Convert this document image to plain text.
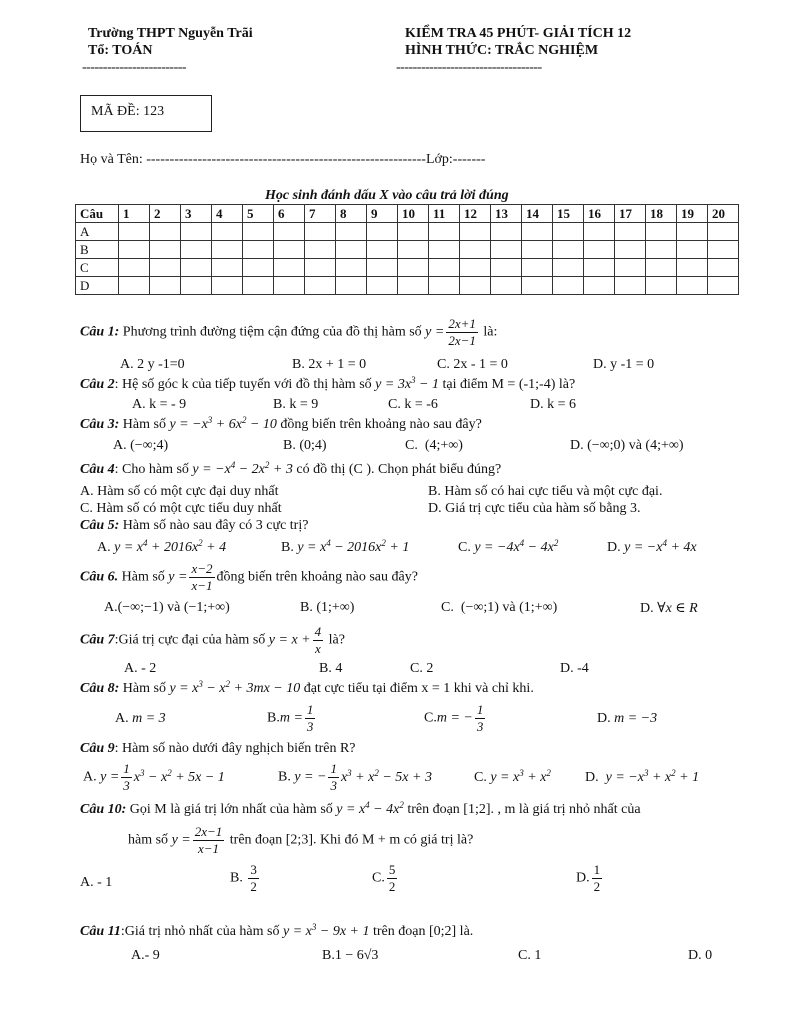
Trường THPT Nguyễn Trãi
Tổ: TOÁN
-------------------------
KIỂM TRA 45 PHÚT- GIẢI TÍCH 12
HÌNH THỨC: TRẮC NGHIỆM
-----------------------------------
MÃ ĐỀ: 123
Họ và Tên: ------------------------------------------------------------Lớp:-------
Học sinh đánh dấu X vào câu trả lời đúng
Câu	1	2	3	4	5	6	7	8	9	10	11	12	13	14	15	16	17	18	19	20
A																				
B																				
C																				
D																				
Câu 1: Phương trình đường tiệm cận đứng của đồ thị hàm số $y = \frac{2x+1}{2x-1}$ là:
A. 2 y -1=0	B. 2x + 1 = 0	C. 2x - 1 = 0	D. y -1 = 0
Câu 2: Hệ số góc k của tiếp tuyến với đồ thị hàm số $y = 3x^3 - 1$ tại điểm M = (-1;-4) là?
A. k = - 9	B. k = 9	C. k = -6	D. k = 6
Câu 3: Hàm số $y = -x^3 + 6x^2 - 10$ đồng biến trên khoảng nào sau đây?
A. (−∞;4)	B. (0;4)	C.  (4;+∞)	D. (−∞;0) và (4;+∞)
Câu 4: Cho hàm số $y = -x^4 - 2x^2 + 3$ có đồ thị (C ). Chọn phát biểu đúng?
A. Hàm số có một cực đại duy nhất	B. Hàm số có hai cực tiểu và một cực đại.
C. Hàm số có một cực tiểu duy nhất	D. Giá trị cực tiểu của hàm số bằng 3.
Câu 5: Hàm số nào sau đây có 3 cực trị?
A. $y = x^4 + 2016x^2 + 4$	B. $y = x^4 - 2016x^2 + 1$	C. $y = -4x^4 - 4x^2$	D. $y = -x^4 + 4x$
Câu 6. Hàm số $y = \frac{x-2}{x-1}$ đồng biến trên khoảng nào sau đây?
A.(−∞;−1) và (−1;+∞)	B. (1;+∞)	C.  (−∞;1) và (1;+∞)	D. ∀x ∈ R
Câu 7:Giá trị cực đại của hàm số $y = x + \frac{4}{x}$ là?
A. - 2	B. 4	C. 2	D. -4
Câu 8: Hàm số $y = x^3 - x^2 + 3mx - 10$ đạt cực tiểu tại điểm x = 1 khi và chỉ khi.
A. m = 3	$B.m = \frac{1}{3}$	C.m = − $\frac{1}{3}$	D. m = −3
Câu 9: Hàm số nào dưới đây nghịch biến trên R?
A. $y = \frac{1}{3} x^3 - x^2 + 5x - 1$	B. y = − $\frac{1}{3} x^3 + x^2 - 5x + 3$	C. $y = x^3 + x^2$ D. $y = -x^3 + x^2 + 1$
Câu 10: Gọi M là giá trị lớn nhất của hàm số $y = x^4 - 4x^2$ trên đoạn [1;2]. , m là giá trị nhỏ nhất của
hàm số $y = \frac{2x-1}{x-1}$ trên đoạn [2;3]. Khi đó M + m có giá trị là?
A. - 1	B. $\frac{3}{2}$	C. $\frac{5}{2}$	D. $\frac{1}{2}$
Câu 11:Giá trị nhỏ nhất của hàm số $y = x^3 - 9x + 1$ trên đoạn [0;2] là.
A.- 9	B.1 − 6√3	C. 1	D. 0
